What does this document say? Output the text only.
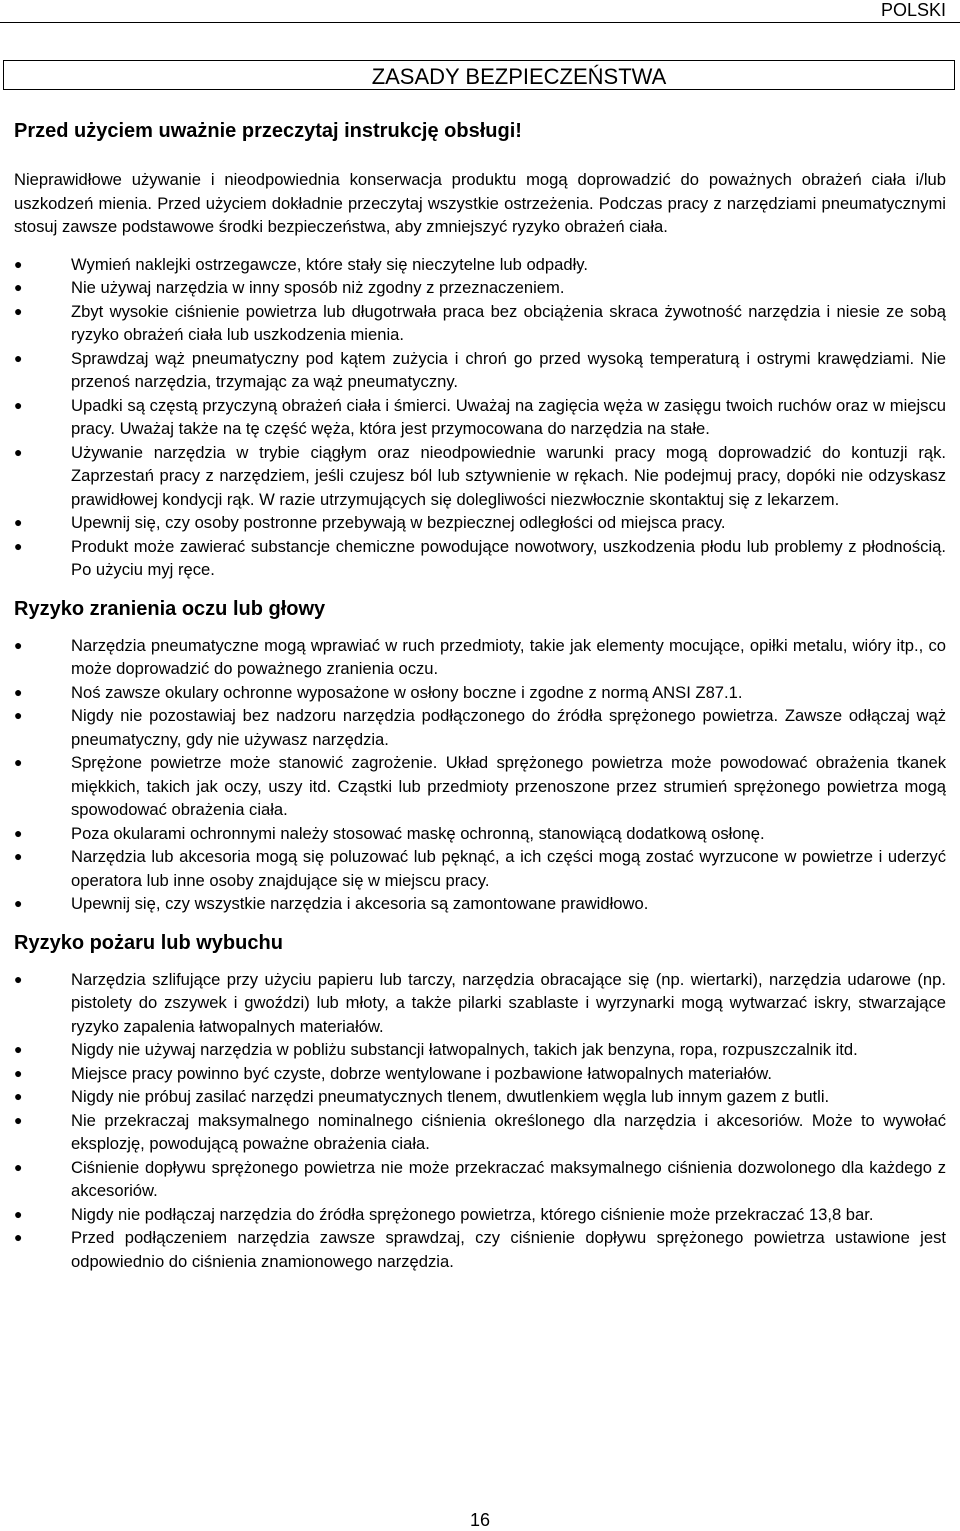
POLSKI
ZASADY BEZPIECZEŃSTWA
Przed użyciem uważnie przeczytaj instrukcję obsługi!

Nieprawidłowe używanie i nieodpowiednia konserwacja produktu mogą doprowadzić do poważnych obrażeń ciała i/lub uszkodzeń mienia. Przed użyciem dokładnie przeczytaj wszystkie ostrzeżenia. Podczas pracy z narzędziami pneumatycznymi stosuj zawsze podstawowe środki bezpieczeństwa, aby zmniejszyć ryzyko obrażeń ciała.

●	Wymień naklejki ostrzegawcze, które stały się nieczytelne lub odpadły.
●	Nie używaj narzędzia w inny sposób niż zgodny z przeznaczeniem.
●	Zbyt wysokie ciśnienie powietrza lub długotrwała praca bez obciążenia skraca żywotność narzędzia i niesie ze sobą ryzyko obrażeń ciała lub uszkodzenia mienia.
●	Sprawdzaj wąż pneumatyczny pod kątem zużycia i chroń go przed wysoką temperaturą i ostrymi krawędziami. Nie przenoś narzędzia, trzymając za wąż pneumatyczny.
●	Upadki są częstą przyczyną obrażeń ciała i śmierci. Uważaj na zagięcia węża w zasięgu twoich ruchów oraz w miejscu pracy. Uważaj także na tę część węża, która jest przymocowana do narzędzia na stałe.
●	Używanie narzędzia w trybie ciągłym oraz nieodpowiednie warunki pracy mogą doprowadzić do kontuzji rąk. Zaprzestań pracy z narzędziem, jeśli czujesz ból lub sztywnienie w rękach. Nie podejmuj pracy, dopóki nie odzyskasz prawidłowej kondycji rąk. W razie utrzymujących się dolegliwości niezwłocznie skontaktuj się z lekarzem.
●	Upewnij się, czy osoby postronne przebywają w bezpiecznej odległości od miejsca pracy.
●	Produkt może zawierać substancje chemiczne powodujące nowotwory, uszkodzenia płodu lub problemy z płodnością. Po użyciu myj ręce.
Ryzyko zranienia oczu lub głowy
●	Narzędzia pneumatyczne mogą wprawiać w ruch przedmioty, takie jak elementy mocujące, opiłki metalu, wióry itp., co może doprowadzić do poważnego zranienia oczu.
●	Noś zawsze okulary ochronne wyposażone w osłony boczne i zgodne z normą ANSI Z87.1.
●	Nigdy nie pozostawiaj bez nadzoru narzędzia podłączonego do źródła sprężonego powietrza. Zawsze odłączaj wąż pneumatyczny, gdy nie używasz narzędzia.
●	Sprężone powietrze może stanowić zagrożenie. Układ sprężonego powietrza może powodować obrażenia tkanek miękkich, takich jak oczy, uszy itd. Cząstki lub przedmioty przenoszone przez strumień sprężonego powietrza mogą spowodować obrażenia ciała.
●	Poza okularami ochronnymi należy stosować maskę ochronną, stanowiącą dodatkową osłonę.
●	Narzędzia lub akcesoria mogą się poluzować lub pęknąć, a ich części mogą zostać wyrzucone w powietrze i uderzyć operatora lub inne osoby znajdujące się w miejscu pracy.
●	Upewnij się, czy wszystkie narzędzia i akcesoria są zamontowane prawidłowo.
Ryzyko pożaru lub wybuchu
●	Narzędzia szlifujące przy użyciu papieru lub tarczy, narzędzia obracające się (np. wiertarki), narzędzia udarowe (np. pistolety do zszywek i gwoździ) lub młoty, a także pilarki szablaste i wyrzynarki mogą wytwarzać iskry, stwarzające ryzyko zapalenia łatwopalnych materiałów.
●	Nigdy nie używaj narzędzia w pobliżu substancji łatwopalnych, takich jak benzyna, ropa, rozpuszczalnik itd.
●	Miejsce pracy powinno być czyste, dobrze wentylowane i pozbawione łatwopalnych materiałów.
●	Nigdy nie próbuj zasilać narzędzi pneumatycznych tlenem, dwutlenkiem węgla lub innym gazem z butli.
●	Nie przekraczaj maksymalnego nominalnego ciśnienia określonego dla narzędzia i akcesoriów. Może to wywołać eksplozję, powodującą poważne obrażenia ciała.
●	Ciśnienie dopływu sprężonego powietrza nie może przekraczać maksymalnego ciśnienia dozwolonego dla każdego z akcesoriów.
●	Nigdy nie podłączaj narzędzia do źródła sprężonego powietrza, którego ciśnienie może przekraczać 13,8 bar.
●	Przed podłączeniem narzędzia zawsze sprawdzaj, czy ciśnienie dopływu sprężonego powietrza ustawione jest odpowiednio do ciśnienia znamionowego narzędzia.
16
